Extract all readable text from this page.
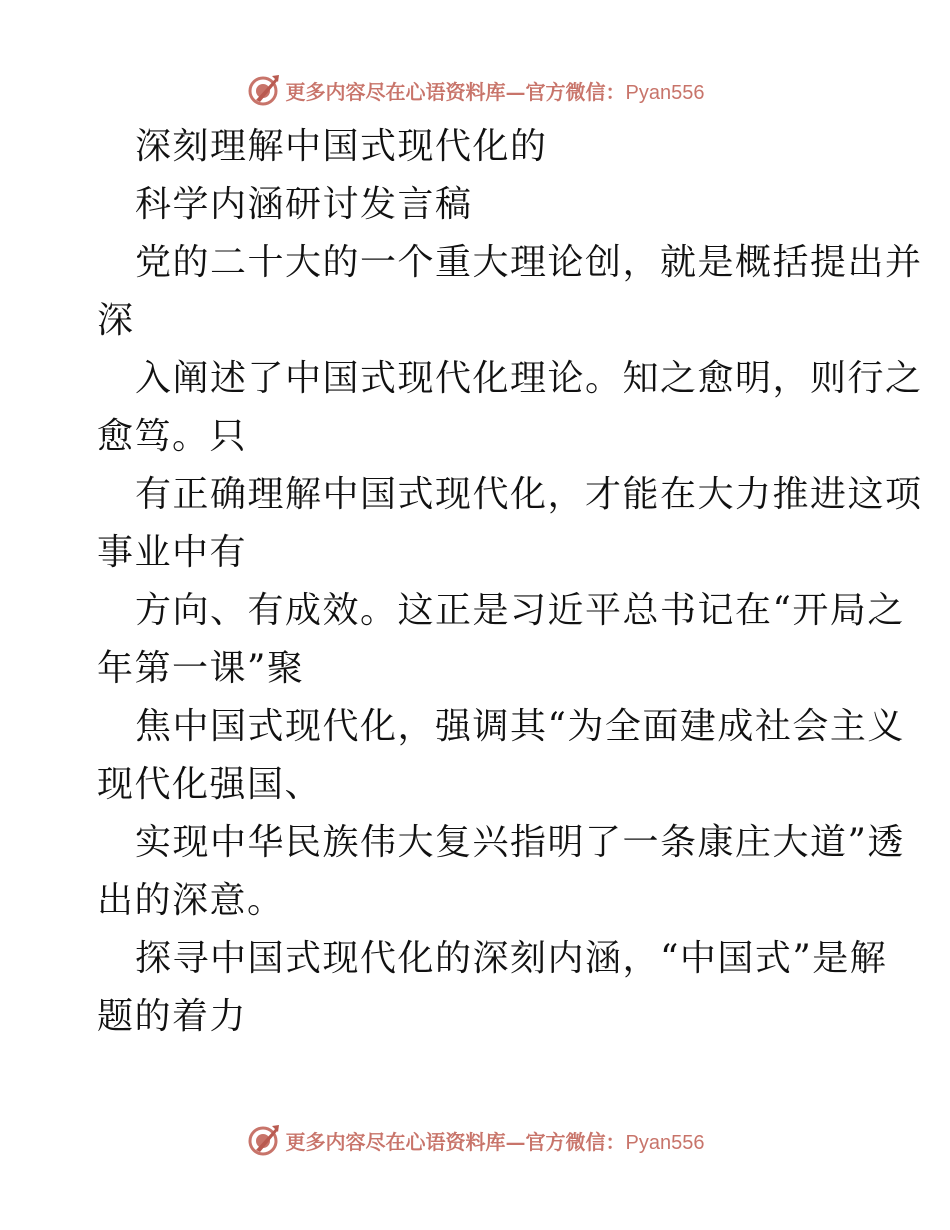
更多内容尽在心语资料库—官方微信：Pyan556
深刻理解中国式现代化的
科学内涵研讨发言稿
党的二十大的一个重大理论创，就是概括提出并
深
入阐述了中国式现代化理论。知之愈明，则行之
愈笃。只
有正确理解中国式现代化，才能在大力推进这项
事业中有
方向、有成效。这正是习近平总书记在“开局之
年第一课”聚
焦中国式现代化，强调其“为全面建成社会主义
现代化强国、
实现中华民族伟大复兴指明了一条康庄大道”透
出的深意。
探寻中国式现代化的深刻内涵，“中国式”是解
题的着力
更多内容尽在心语资料库—官方微信：Pyan556
